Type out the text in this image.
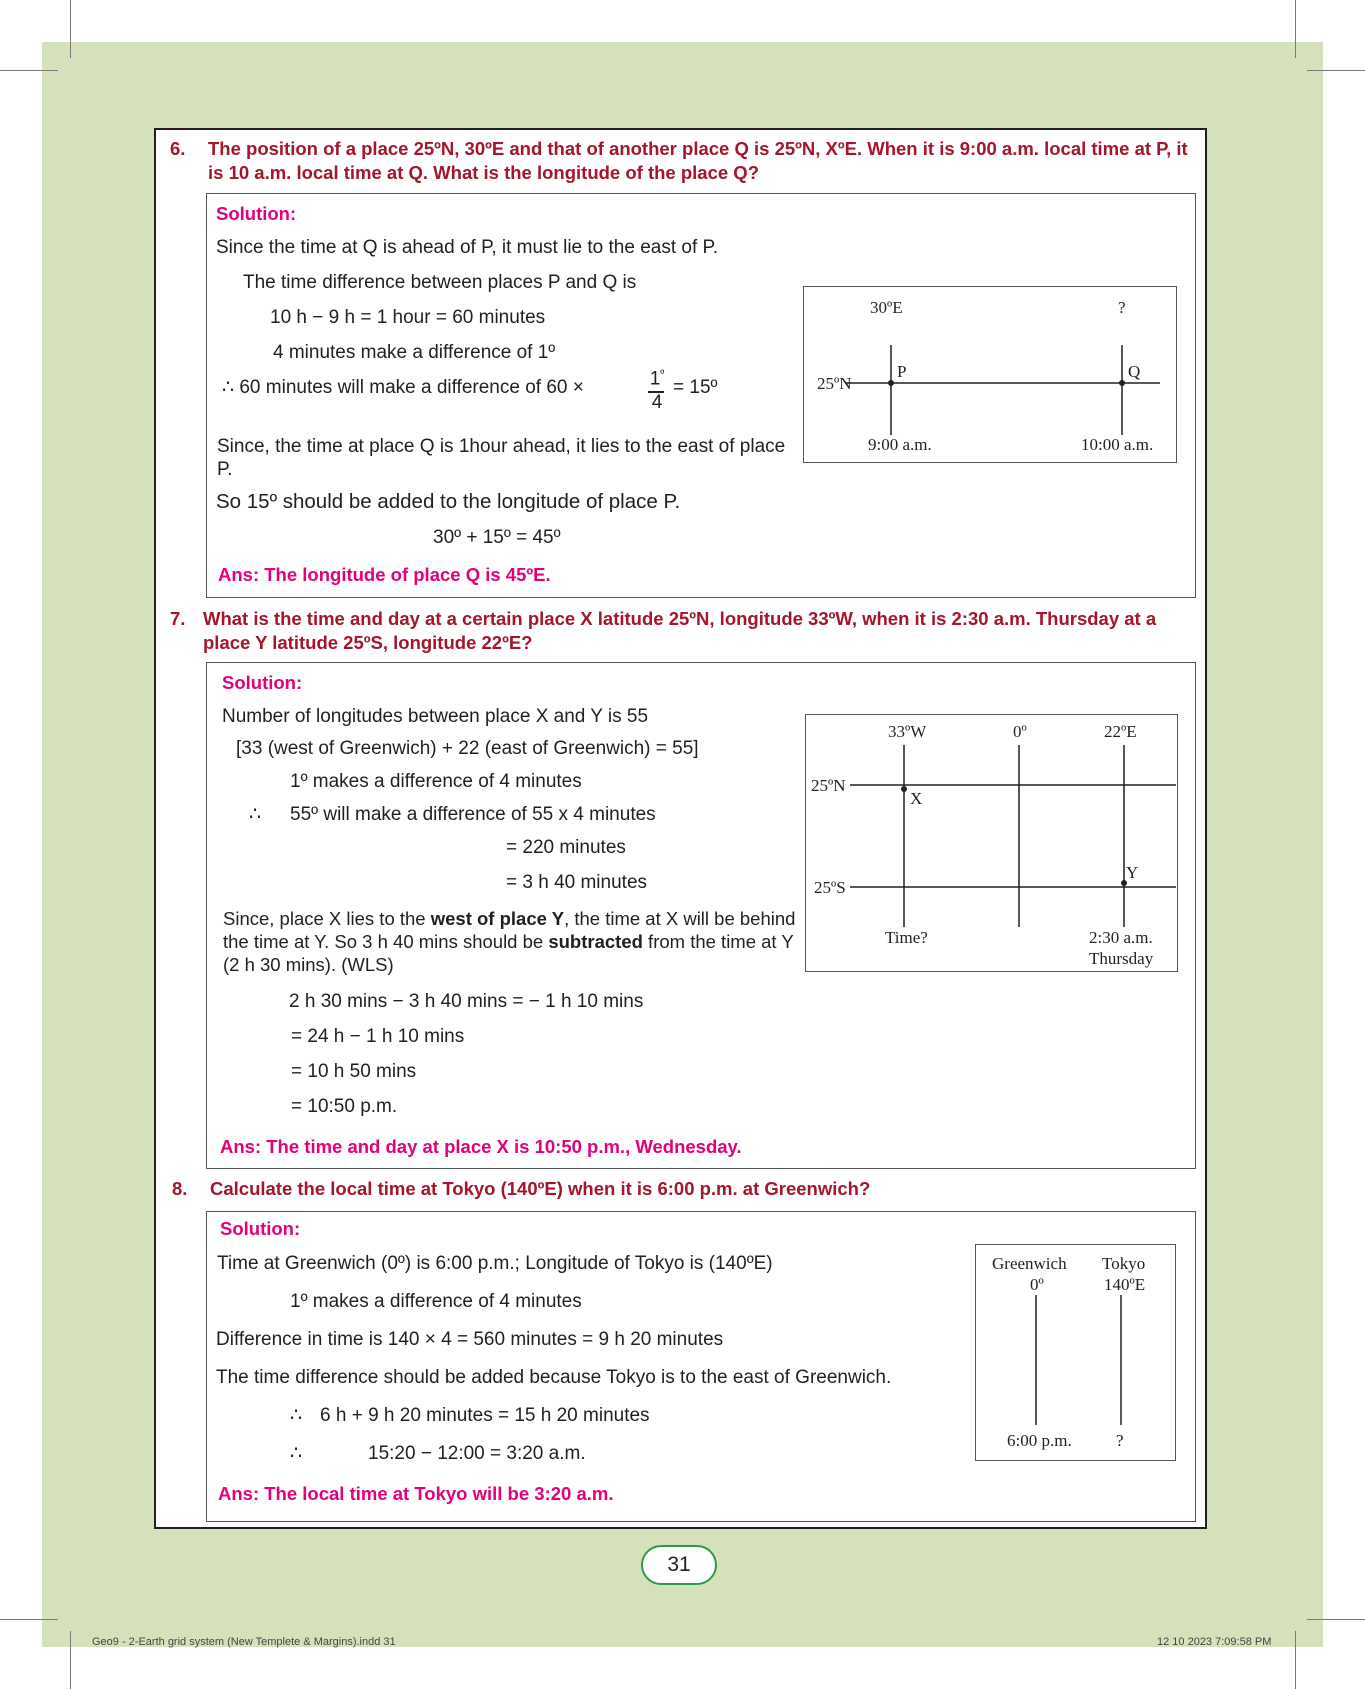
6. The position of a place 25ºN, 30ºE and that of another place Q is 25ºN, XºE. When it is 9:00 a.m. local time at P, it is 10 a.m. local time at Q. What is the longitude of the place Q?
Solution:
Since the time at Q is ahead of P, it must lie to the east of P.
The time difference between places P and Q is
10 h − 9 h = 1 hour = 60 minutes
4 minutes make a difference of 1º
∴ 60 minutes will make a difference of 60 ×	$1^º$
4
= 15º
Since, the time at place Q is 1hour ahead, it lies to the east of place P.
So 15º should be added to the longitude of place P.
30º + 15º = 45º
Ans: The longitude of place Q is 45ºE.
30ºE	?
25ºN
P	Q
9:00 a.m.	10:00 a.m.
7. What is the time and day at a certain place X latitude 25ºN, longitude 33ºW, when it is 2:30 a.m. Thursday at a place Y latitude 25ºS, longitude 22ºE?
Solution:
Number of longitudes between place X and Y is 55
[33 (west of Greenwich) + 22 (east of Greenwich) = 55]
1º makes a difference of 4 minutes
∴ 55º will make a difference of 55 x 4 minutes
= 220 minutes
= 3 h 40 minutes
Since, place X lies to the west of place Y, the time at X will be behind the time at Y. So 3 h 40 mins should be subtracted from the time at Y (2 h 30 mins). (WLS)
2 h 30 mins − 3 h 40 mins = − 1 h 10 mins
= 24 h − 1 h 10 mins
= 10 h 50 mins
= 10:50 p.m.
Ans: The time and day at place X is 10:50 p.m., Wednesday.
33ºW	0º	22ºE
25ºN
25ºS
X
Y
Time?	2:30 a.m.
Thursday
8. Calculate the local time at Tokyo (140ºE) when it is 6:00 p.m. at Greenwich?
Solution:
Time at Greenwich (0º) is 6:00 p.m.; Longitude of Tokyo is (140ºE)
1º makes a difference of 4 minutes
Difference in time is 140 × 4 = 560 minutes = 9 h 20 minutes
The time difference should be added because Tokyo is to the east of Greenwich.
∴ 6 h + 9 h 20 minutes = 15 h 20 minutes
∴	15:20 − 12:00 = 3:20 a.m.
Ans: The local time at Tokyo will be 3:20 a.m.
Greenwich
0º
Tokyo
140ºE
6:00 p.m.	?
31
Geo9 - 2-Earth grid system (New Templete & Margins).indd 31	12 10 2023 7:09:58 PM
